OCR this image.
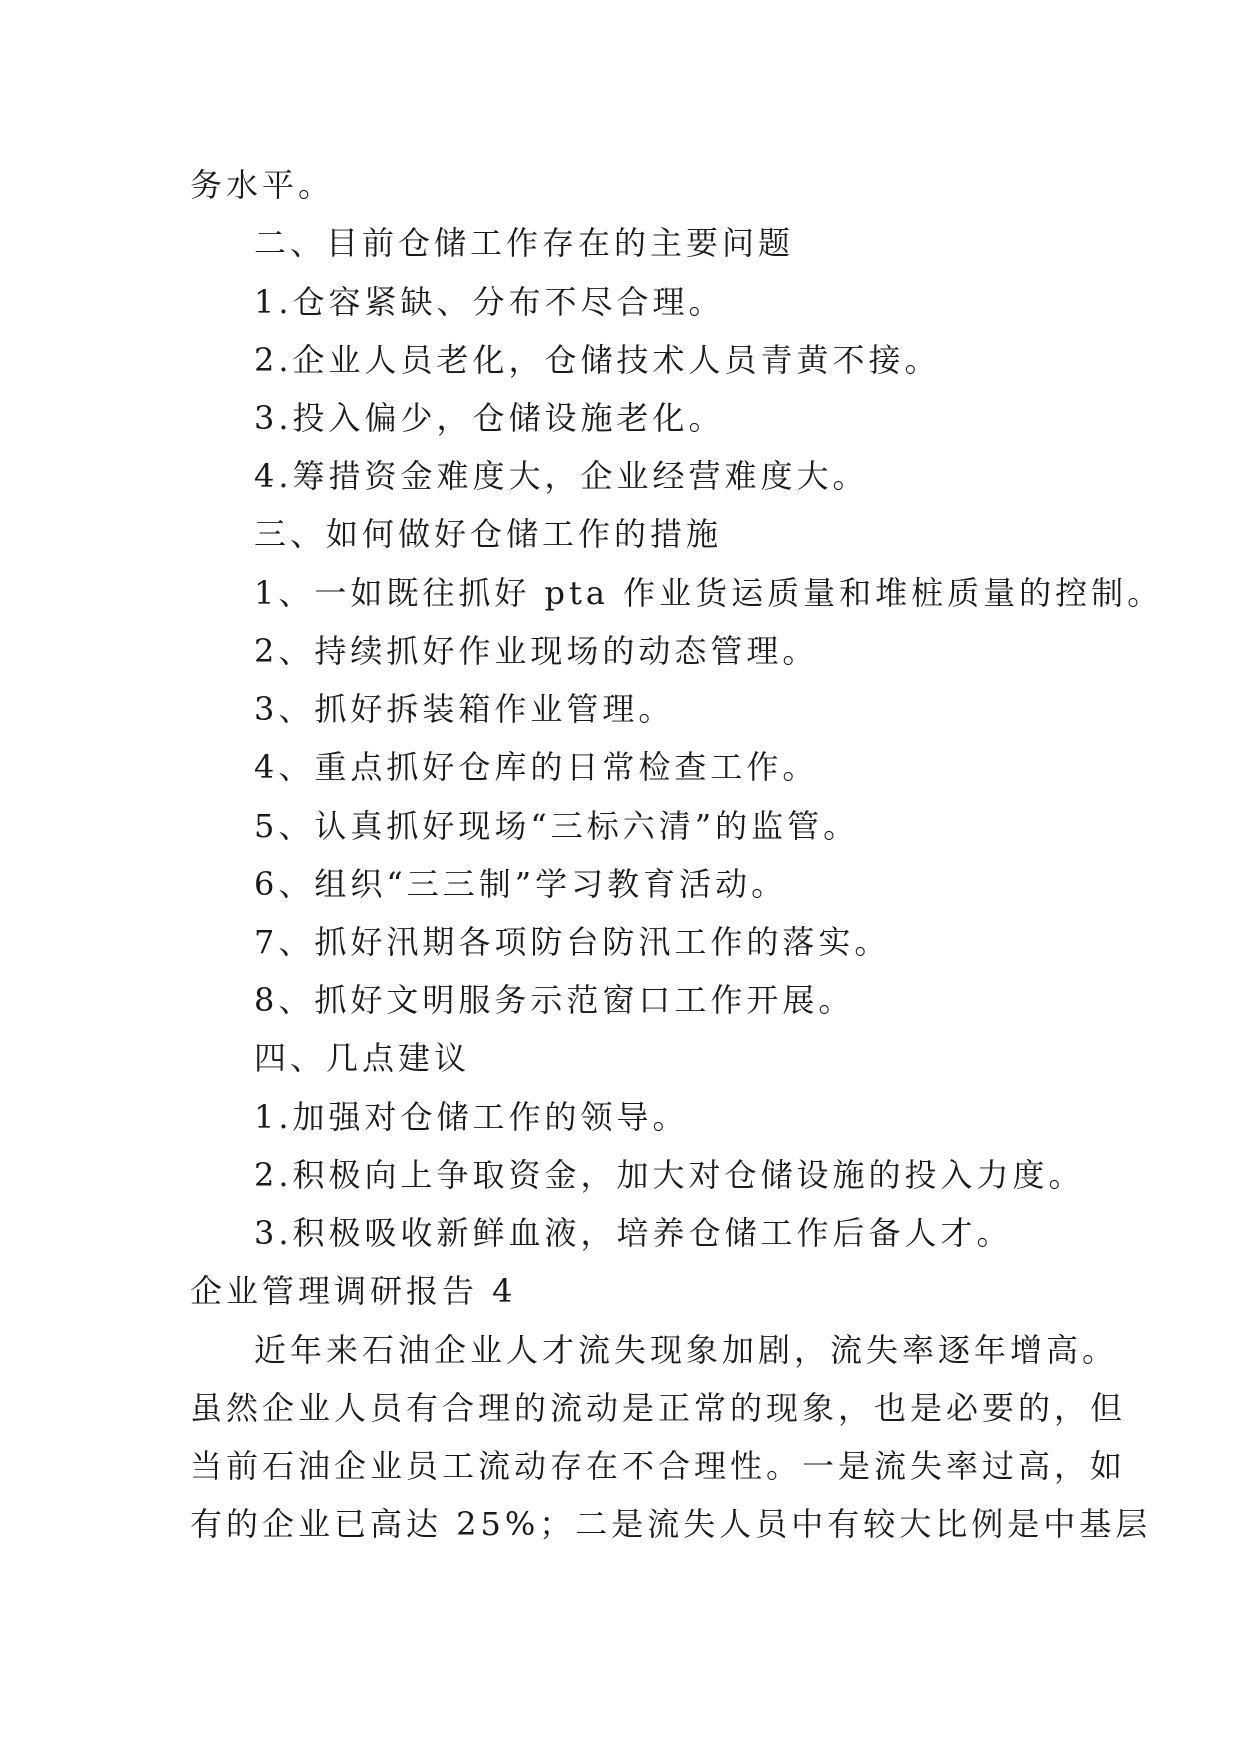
务水平。
二、目前仓储工作存在的主要问题
1.仓容紧缺、分布不尽合理。
2.企业人员老化，仓储技术人员青黄不接。
3.投入偏少，仓储设施老化。
4.筹措资金难度大，企业经营难度大。
三、如何做好仓储工作的措施
1、一如既往抓好 pta 作业货运质量和堆桩质量的控制。
2、持续抓好作业现场的动态管理。
3、抓好拆装箱作业管理。
4、重点抓好仓库的日常检查工作。
5、认真抓好现场“三标六清”的监管。
6、组织“三三制”学习教育活动。
7、抓好汛期各项防台防汛工作的落实。
8、抓好文明服务示范窗口工作开展。
四、几点建议
1.加强对仓储工作的领导。
2.积极向上争取资金，加大对仓储设施的投入力度。
3.积极吸收新鲜血液，培养仓储工作后备人才。
企业管理调研报告 4
近年来石油企业人才流失现象加剧，流失率逐年增高。
虽然企业人员有合理的流动是正常的现象，也是必要的，但
当前石油企业员工流动存在不合理性。一是流失率过高，如
有的企业已高达 25%；二是流失人员中有较大比例是中基层
